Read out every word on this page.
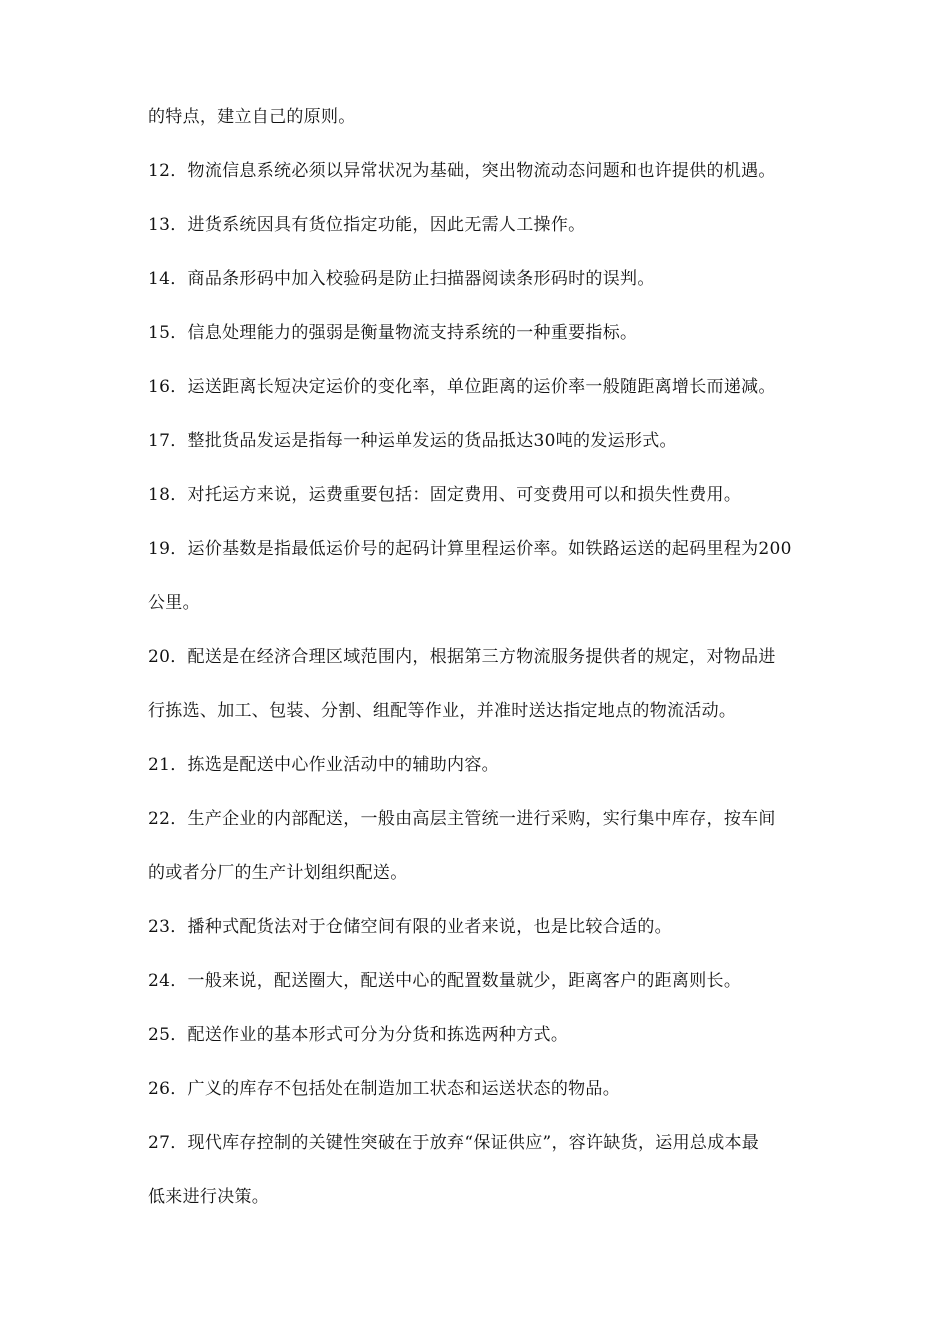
的特点，建立自己的原则。
12．物流信息系统必须以异常状况为基础，突出物流动态问题和也许提供的机遇。
13．进货系统因具有货位指定功能，因此无需人工操作。
14．商品条形码中加入校验码是防止扫描器阅读条形码时的误判。
15．信息处理能力的强弱是衡量物流支持系统的一种重要指标。
16．运送距离长短决定运价的变化率，单位距离的运价率一般随距离增长而递减。
17．整批货品发运是指每一种运单发运的货品抵达30吨的发运形式。
18．对托运方来说，运费重要包括：固定费用、可变费用可以和损失性费用。
19．运价基数是指最低运价号的起码计算里程运价率。如铁路运送的起码里程为200
公里。
20．配送是在经济合理区域范围内，根据第三方物流服务提供者的规定，对物品进
行拣选、加工、包装、分割、组配等作业，并准时送达指定地点的物流活动。
21．拣选是配送中心作业活动中的辅助内容。
22．生产企业的内部配送，一般由高层主管统一进行采购，实行集中库存，按车间
的或者分厂的生产计划组织配送。
23．播种式配货法对于仓储空间有限的业者来说，也是比较合适的。
24．一般来说，配送圈大，配送中心的配置数量就少，距离客户的距离则长。
25．配送作业的基本形式可分为分货和拣选两种方式。
26．广义的库存不包括处在制造加工状态和运送状态的物品。
27．现代库存控制的关键性突破在于放弃“保证供应”，容许缺货，运用总成本最
低来进行决策。
